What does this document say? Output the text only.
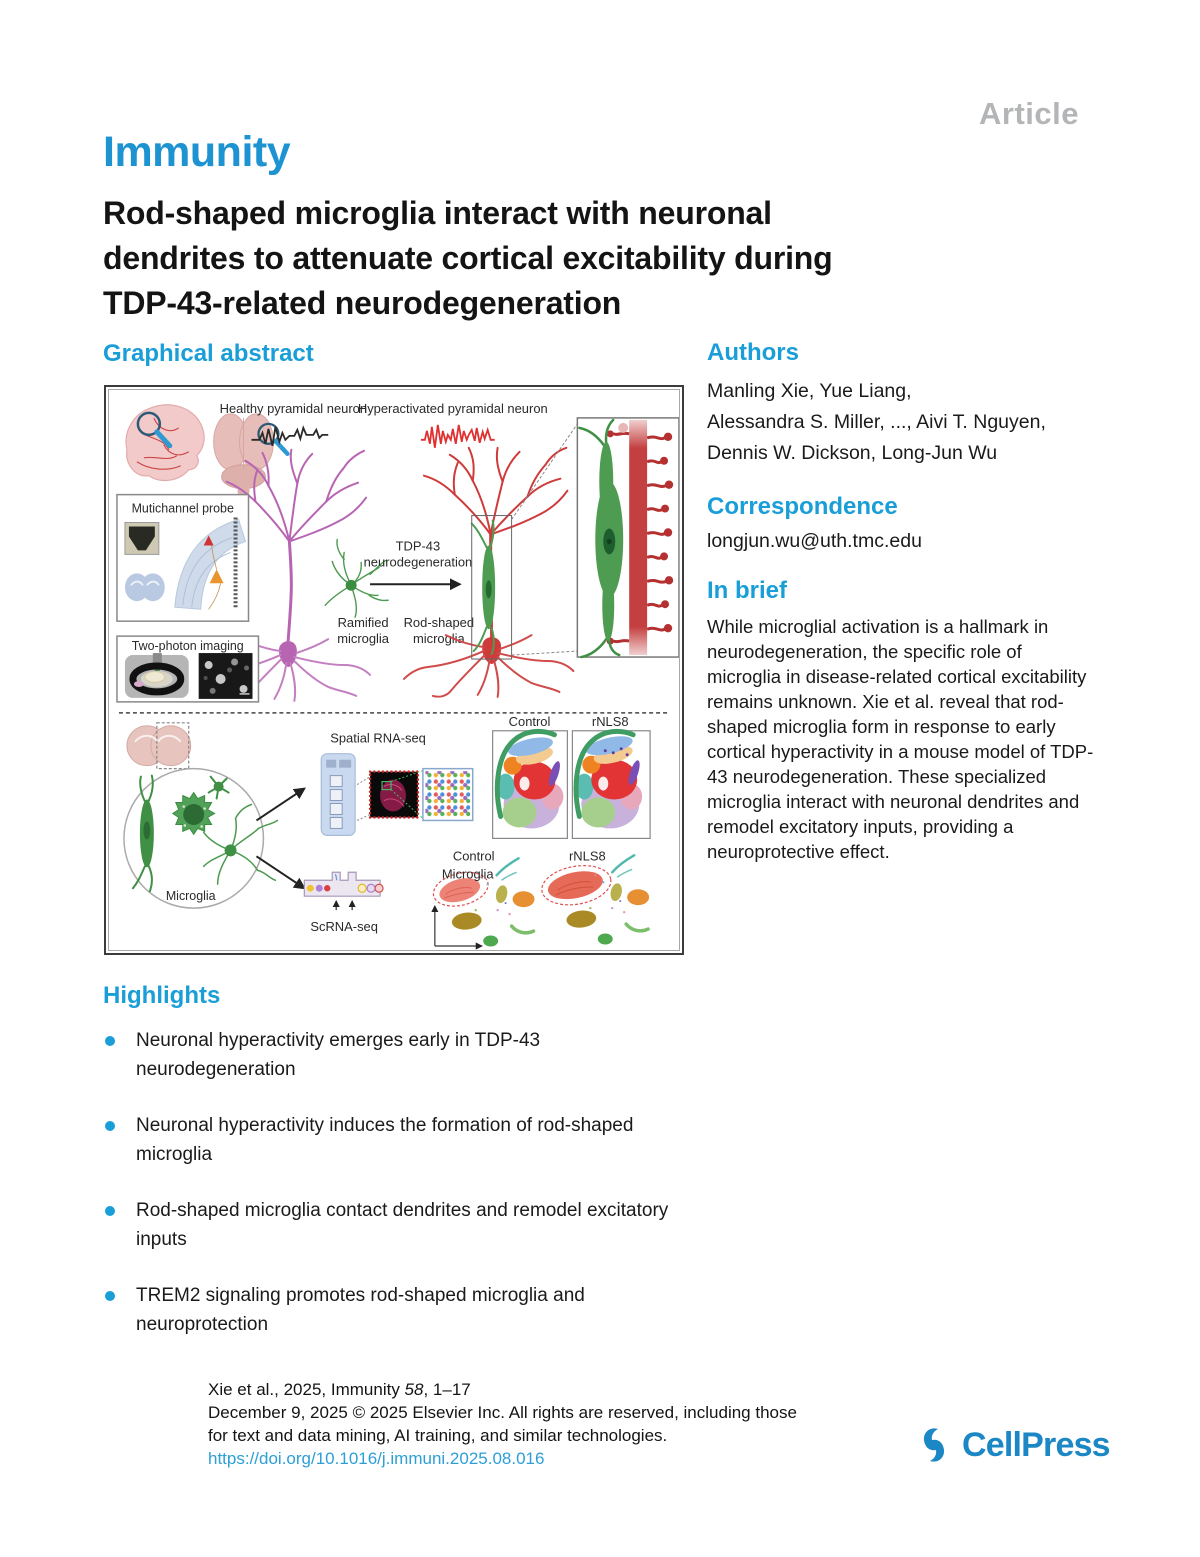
Article
Immunity
Rod-shaped microglia interact with neuronal
dendrites to attenuate cortical excitability during
TDP-43-related neurodegeneration
Graphical abstract
Healthy pyramidal neuron
Hyperactivated pyramidal neuron
TDP-43
neurodegeneration
Ramified
microglia
Rod-shaped
microglia
Mutichannel probe
Two-photon imaging
Microglia
Spatial RNA-seq
Control	rNLS8
ScRNA-seq
Control	rNLS8
Microglia
Authors
Manling Xie, Yue Liang,
Alessandra S. Miller, ..., Aivi T. Nguyen,
Dennis W. Dickson, Long-Jun Wu
Correspondence
longjun.wu@uth.tmc.edu
In brief
While microglial activation is a hallmark in neurodegeneration, the specific role of microglia in disease-related cortical excitability remains unknown. Xie et al. reveal that rod-shaped microglia form in response to early cortical hyperactivity in a mouse model of TDP-43 neurodegeneration. These specialized microglia interact with neuronal dendrites and remodel excitatory inputs, providing a neuroprotective effect.
Highlights
Neuronal hyperactivity emerges early in TDP-43 neurodegeneration
Neuronal hyperactivity induces the formation of rod-shaped microglia
Rod-shaped microglia contact dendrites and remodel excitatory inputs
TREM2 signaling promotes rod-shaped microglia and neuroprotection
Xie et al., 2025, Immunity 58, 1–17
December 9, 2025 © 2025 Elsevier Inc. All rights are reserved, including those
for text and data mining, AI training, and similar technologies.
https://doi.org/10.1016/j.immuni.2025.08.016	CellPress
